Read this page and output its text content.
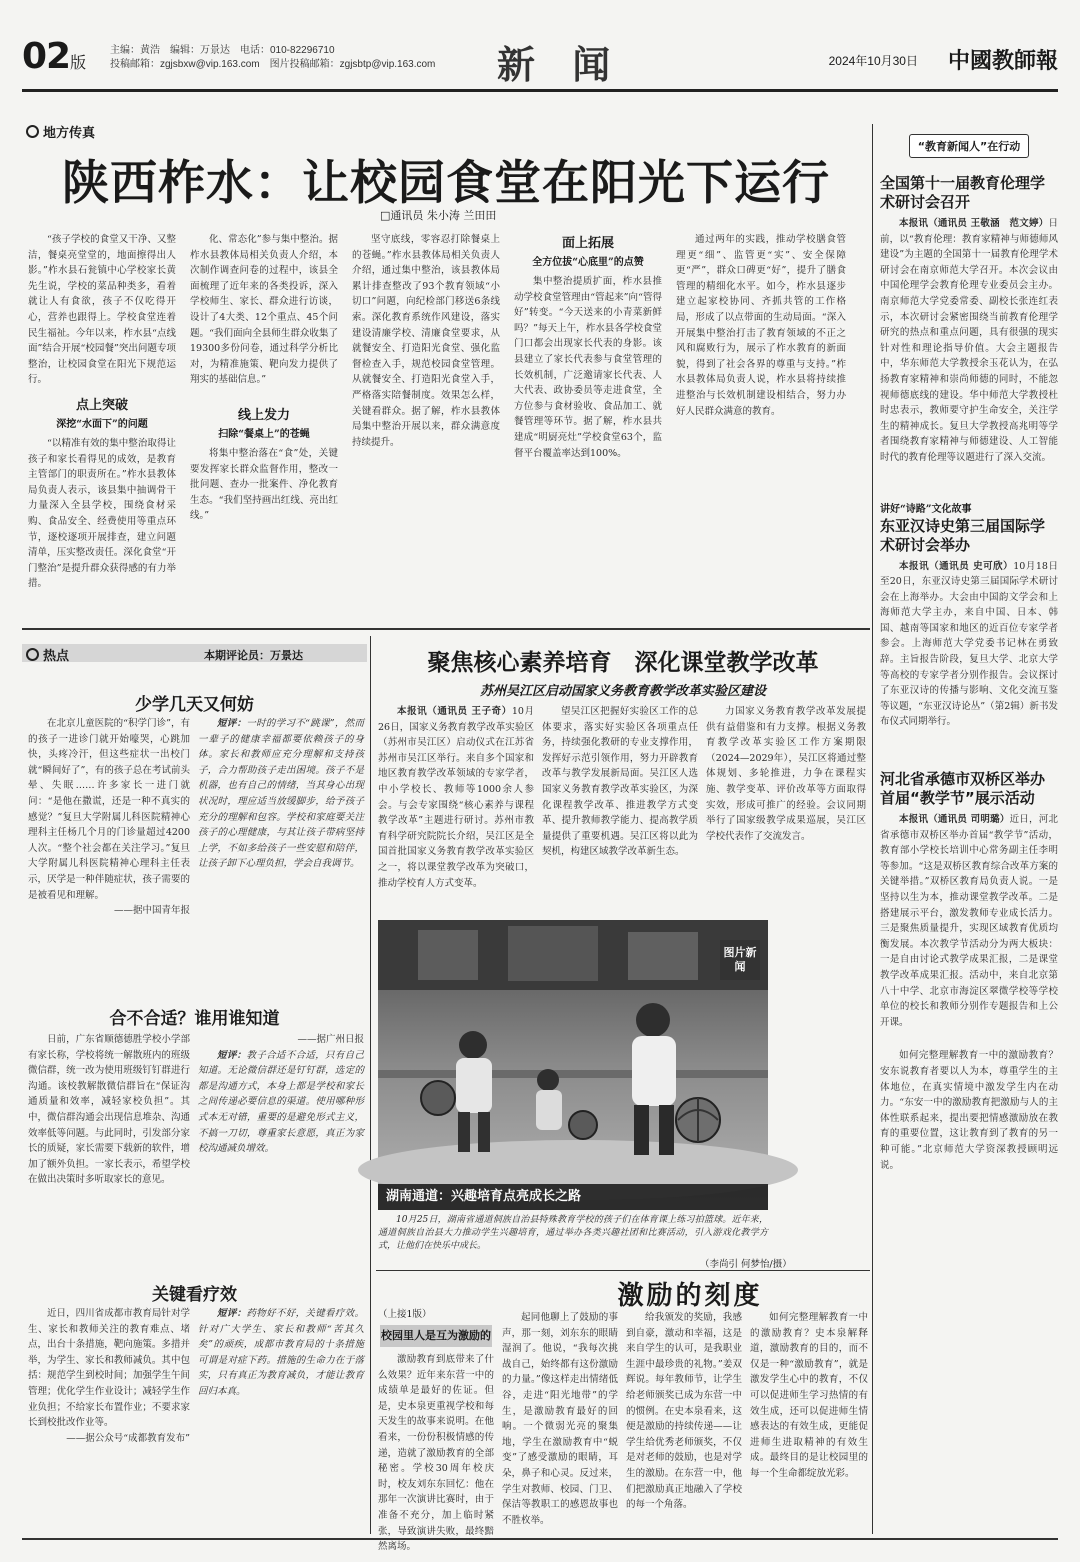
02版
主编：黄浩　编辑：万景达　电话：010-82296710
投稿邮箱：zgjsbxw@vip.163.com　图片投稿邮箱：zgjsbtp@vip.163.com 新 闻	2024年10月30日 中國教師報
地方传真
陕西柞水：让校园食堂在阳光下运行
□通讯员 朱小涛 兰田田

“孩子学校的食堂又干净、又整洁，餐桌亮堂堂的，地面擦得出人影。”柞水县石瓮镇中心学校家长黄先生说，学校的菜品种类多，看着就让人有食欲，孩子不仅吃得开心，营养也跟得上。学校食堂连着民生福祉。今年以来，柞水县“点线面”结合开展“校园餐”突出问题专项整治，让校园食堂在阳光下规范运行。

点上突破
深挖“水面下”的问题

“以精准有效的集中整治取得让孩子和家长看得见的成效，是教育主管部门的职责所在。”柞水县教体局负责人表示，该县集中抽调骨干力量深入全县学校，围绕食材采购、食品安全、经费使用等重点环节，逐校逐项开展排查，建立问题清单，压实整改责任。深化食堂“开门整治”是提升群众获得感的有力举措。

化、常态化”参与集中整治。据柞水县教体局相关负责人介绍，本次制作调查问卷的过程中，该县全面梳理了近年来的各类投诉，深入学校师生、家长、群众进行访谈，设计了4大类、12个重点、45个问题。“我们面向全县师生群众收集了19300多份问卷，通过科学分析比对，为精准施策、靶向发力提供了翔实的基础信息。”

线上发力
扫除“餐桌上”的苍蝇

将集中整治落在“食”处，关键要发挥家长群众监督作用，整改一批问题、查办一批案件、净化教育生态。“我们坚持画出红线、亮出红线。”

坚守底线，零容忍打除餐桌上的苍蝇。”柞水县教体局相关负责人介绍，通过集中整治，该县教体局累计排查整改了93个教育领域“小切口”问题，向纪检部门移送6条线索。深化教育系统作风建设，落实建设清廉学校、清廉食堂要求，从就餐安全、打造阳光食堂、强化监督检查入手，规范校园食堂管理。从就餐安全、打造阳光食堂入手，严格落实陪餐制度。效果怎么样，关键看群众。据了解，柞水县教体局集中整治开展以来，群众满意度持续提升。

面上拓展
全方位拔“心底里”的点赞

集中整治提质扩面，柞水县推动学校食堂管理由“管起来”向“管得好”转变。“今天送来的小青菜新鲜吗？”每天上午，柞水县各学校食堂门口都会出现家长代表的身影。该县建立了家长代表参与食堂管理的长效机制，广泛邀请家长代表、人大代表、政协委员等走进食堂，全方位参与食材验收、食品加工、就餐管理等环节。据了解，柞水县共建成“明厨亮灶”学校食堂63个，监督平台覆盖率达到100%。

通过两年的实践，推动学校膳食管理更“细”、监管更“实”、安全保障更“严”，群众口碑更“好”，提升了膳食管理的精细化水平。如今，柞水县逐步建立起家校协同、齐抓共管的工作格局，形成了以点带面的生动局面。“深入开展集中整治打击了教育领域的不正之风和腐败行为，展示了柞水教育的新面貌，得到了社会各界的尊重与支持。”柞水县教体局负责人说，柞水县将持续推进整治与长效机制建设相结合，努力办好人民群众满意的教育。

“教育新闻人”在行动
全国第十一届教育伦理学术研讨会召开

本报讯（通讯员 王敬涵　范文婷）日前，以“教育伦理：教育家精神与师德师风建设”为主题的全国第十一届教育伦理学术研讨会在南京师范大学召开。本次会议由中国伦理学会教育伦理专业委员会主办。南京师范大学党委常委、副校长张连红表示，本次研讨会紧密围绕当前教育伦理学研究的热点和重点问题，具有很强的现实针对性和理论指导价值。大会主题报告中，华东师范大学教授余玉花认为，在弘扬教育家精神和崇尚师德的同时，不能忽视师德底线的建设。华中师范大学教授杜时忠表示，教师要守护生命安全，关注学生的精神成长。复旦大学教授高兆明等学者围绕教育家精神与师德建设、人工智能时代的教育伦理等议题进行了深入交流。

讲好“诗路”文化故事
东亚汉诗史第三届国际学术研讨会举办

本报讯（通讯员 史可欣）10月18日至20日，东亚汉诗史第三届国际学术研讨会在上海举办。大会由中国韵文学会和上海师范大学主办，来自中国、日本、韩国、越南等国家和地区的近百位专家学者参会。上海师范大学党委书记林在勇致辞。主旨报告阶段，复旦大学、北京大学等高校的专家学者分别作报告。会议探讨了东亚汉诗的传播与影响、文化交流互鉴等议题，“东亚汉诗论丛”（第2辑）新书发布仪式同期举行。

河北省承德市双桥区举办首届“教学节”展示活动

本报讯（通讯员 司明璐）近日，河北省承德市双桥区举办首届“教学节”活动，教育部小学校长培训中心常务副主任李明等参加。“这是双桥区教育综合改革方案的关键举措。”双桥区教育局负责人说。一是坚持以生为本，推动课堂教学改革。二是搭建展示平台，激发教师专业成长活力。三是聚焦质量提升，实现区域教育优质均衡发展。本次教学节活动分为两大板块：一是自由讨论式教学成果汇报，二是课堂教学改革成果汇报。活动中，来自北京第八十中学、北京市海淀区翠微学校等学校单位的校长和教师分别作专题报告和上公开课。

如何完整理解教育一中的激励教育？安东说教育者要以人为本，尊重学生的主体地位，在真实情境中激发学生内在动力。“东安一中的激励教育把激励与人的主体性联系起来，提出要把情感激励放在教育的重要位置，这让教育到了教育的另一种可能。”北京师范大学资深教授顾明远说。

热点	本期评论员：万景达
少学几天又何妨

在北京儿童医院的“积学门诊”，有的孩子一进诊门就开始嚎哭，心跳加快，头疼冷汗，但这些症状一出校门就“瞬间好了”，有的孩子总在考试前头晕、失眠……许多家长一进门就问：“是他在撒谎，还是一种不真实的感觉？”复旦大学附属儿科医院精神心理科主任杨几个月的门诊量超过4200人次。“整个社会都在关注学习。”复旦大学附属儿科医院精神心理科主任表示，厌学是一种伴随症状，孩子需要的是被看见和理解。

——据中国青年报

短评：一时的学习不“跳课”，然而一辈子的健康幸福都要依赖孩子的身体。家长和教师应充分理解和支持孩子，合力帮助孩子走出困境。孩子不是机器，也有自己的情绪，当其身心出现状况时，理应适当放缓脚步，给予孩子充分的理解和包容。学校和家庭要关注孩子的心理健康，与其让孩子带病坚持上学，不如多给孩子一些安慰和陪伴，让孩子卸下心理负担，学会自我调节。

合不合适？谁用谁知道

日前，广东省顺德德胜学校小学部有家长称，学校将统一解散班内的班级微信群，统一改为使用班级钉钉群进行沟通。该校教解散微信群旨在“保证沟通质量和效率，减轻家校负担”。其中，微信群沟通会出现信息堆杂、沟通效率低等问题。与此同时，引发部分家长的质疑，家长需要下载新的软件，增加了额外负担。一家长表示，希望学校在做出决策时多听取家长的意见。

——据广州日报

短评：教子合适不合适，只有自己知道。无论微信群还是钉钉群，选定的都是沟通方式，本身上都是学校和家长之间传递必要信息的渠道。使用哪种形式本无对错，重要的是避免形式主义，不搞一刀切，尊重家长意愿，真正为家校沟通减负增效。

关键看疗效

近日，四川省成都市教育局针对学生、家长和教师关注的教育难点、堵点，出台十条措施，靶向施策。多措并举，为学生、家长和教师减负。其中包括：规范学生到校时间；加强学生午间管理；优化学生作业设计；减轻学生作业负担；不给家长布置作业；不要求家长到校批改作业等。

——据公众号“成都教育发布”

短评：药物好不好，关键看疗效。针对广大学生、家长和教师“苦其久矣”的顽疾，成都市教育局的十条措施可谓是对症下药。措施的生命力在于落实，只有真正为教育减负，才能让教育回归本真。

聚焦核心素养培育　深化课堂教学改革
苏州吴江区启动国家义务教育教学改革实验区建设

本报讯（通讯员 王子奇）10月26日，国家义务教育教学改革实验区（苏州市吴江区）启动仪式在江苏省苏州市吴江区举行。来自多个国家和地区教育教学改革领域的专家学者，中小学校长、教师等1000余人参会。与会专家围绕“核心素养与课程教学改革”主题进行研讨。苏州市教育科学研究院院长介绍，吴江区是全国首批国家义务教育教学改革实验区之一，将以课堂教学改革为突破口，推动学校育人方式变革。

望吴江区把握好实验区工作的总体要求，落实好实验区各项重点任务，持续强化教研的专业支撑作用，发挥好示范引领作用，努力开辟教育改革与教学发展新局面。吴江区人选国家义务教育教学改革实验区，为深化课程教学改革、推进教学方式变革、提升教师教学能力、提高教学质量提供了重要机遇。吴江区将以此为契机，构建区域教学改革新生态。

力国家义务教育教学改革发展提供有益借鉴和有力支撑。根据义务教育教学改革实验区工作方案期限（2024—2029年），吴江区将通过整体规划、多轮推进，力争在课程实施、教学变革、评价改革等方面取得实效，形成可推广的经验。会议同期举行了国家级教学成果巡展，吴江区学校代表作了交流发言。

图片新闻
湖南通道：兴趣培育点亮成长之路

10月25日，湖南省通道侗族自治县特殊教育学校的孩子们在体育课上练习拍篮球。近年来，通道侗族自治县大力推动学生兴趣培育，通过举办各类兴趣社团和比赛活动，引入游戏化教学方式，让他们在快乐中成长。

（李尚引 何梦怡/摄）
激励的刻度
（上接1版）
校园里人是互为激励的

激励教育到底带来了什么效果？近年来东营一中的成绩单是最好的佐证。但是，史本泉更重视学校和每天发生的故事来说明。在他看来，一份份积极情感的传递，造就了激励教育的全部秘密。学校30周年校庆时，校友刘东东回忆：他在那年一次演讲比赛时，由于准备不充分，加上临时紧张，导致演讲失败，最终黯然离场。

起同他聊上了鼓励的事声，那一刻，刘东东的眼睛湿润了。他说，“我每次挑战自己，始终都有这份激励的力量。”像这样走出情绪低谷，走进“阳光地带”的学生，是激励教育最好的回响。一个微弱光亮的聚集地，学生在激励教育中“蜕变”了感受激励的眼睛，耳朵，鼻子和心灵。反过来，学生对教师、校园、门卫、保洁等教职工的感恩故事也不胜枚举。

给我颁发的奖励，我感到自豪，激动和幸福，这是来自学生的认可，是我职业生涯中最珍贵的礼物。”姜双辉说。每年教师节，让学生给老师颁奖已成为东营一中的惯例。在史本泉看来，这便是激励的持续传递——让学生给优秀老师颁奖，不仅是对老师的鼓励，也是对学生的激励。在东营一中，他们把激励真正地融入了学校的每一个角落。

如何完整理解教育一中的激励教育？史本泉解释道，激励教育的目的，而不仅是一种“激励教育”，就是激发学生心中的教育，不仅可以促进师生学习热情的有效生成，还可以促进师生情感表达的有效生成，更能促进师生进取精神的有效生成。最终目的是让校园里的每一个生命都绽放光彩。
